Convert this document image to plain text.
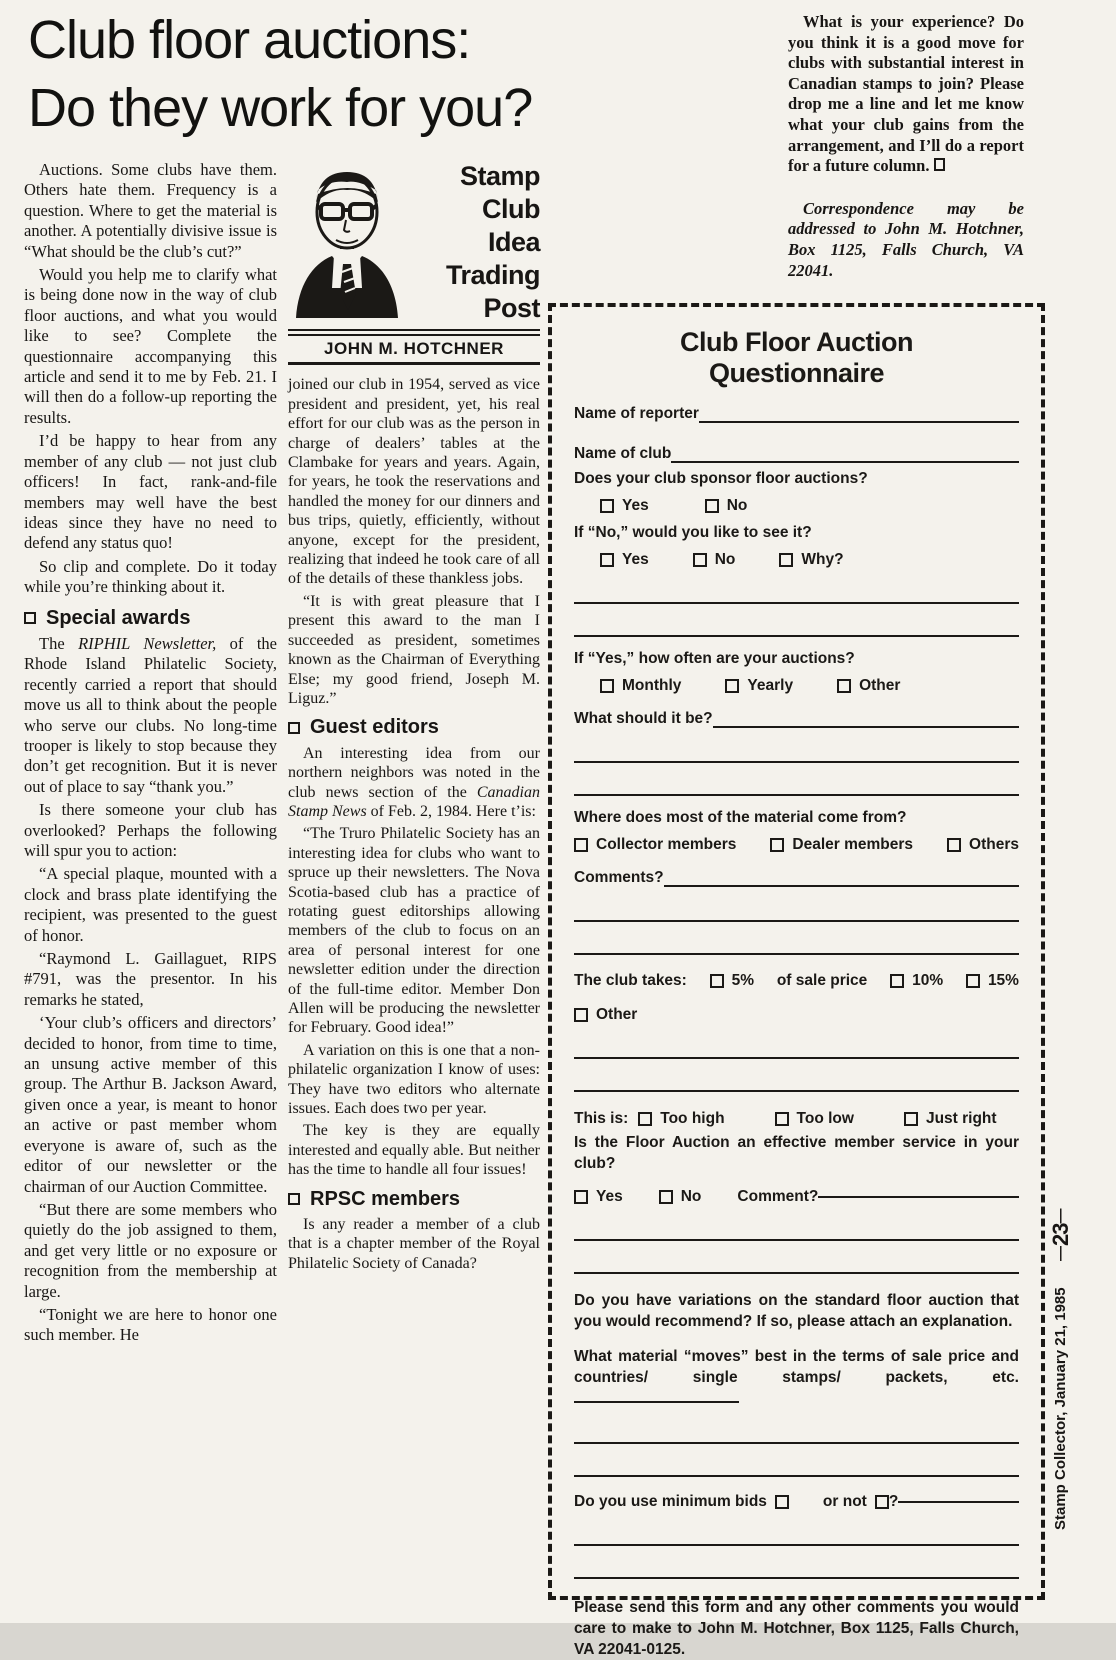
Club floor auctions:
Do they work for you?

What is your experience? Do you think it is a good move for clubs with substantial interest in Canadian stamps to join? Please drop me a line and let me know what your club gains from the arrangement, and I’ll do a report for a future column.

Correspondence may be addressed to John M. Hotchner, Box 1125, Falls Church, VA 22041.

Auctions. Some clubs have them. Others hate them. Frequency is a question. Where to get the material is another. A potentially divisive issue is “What should be the club’s cut?”

Would you help me to clarify what is being done now in the way of club floor auctions, and what you would like to see? Complete the questionnaire accompanying this article and send it to me by Feb. 21. I will then do a follow-up reporting the results.

I’d be happy to hear from any member of any club — not just club officers! In fact, rank-and-file members may well have the best ideas since they have no need to defend any status quo!

So clip and complete. Do it today while you’re thinking about it.

Special awards

The RIPHIL Newsletter, of the Rhode Island Philatelic Society, recently carried a report that should move us all to think about the people who serve our clubs. No long-time trooper is likely to stop because they don’t get recognition. But it is never out of place to say “thank you.”

Is there someone your club has overlooked? Perhaps the following will spur you to action:

“A special plaque, mounted with a clock and brass plate identifying the recipient, was presented to the guest of honor.

“Raymond L. Gaillaguet, RIPS #791, was the presentor. In his remarks he stated,

‘Your club’s officers and directors’ decided to honor, from time to time, an unsung active member of this group. The Arthur B. Jackson Award, given once a year, is meant to honor an active or past member whom everyone is aware of, such as the editor of our newsletter or the chairman of our Auction Committee.

“But there are some members who quietly do the job assigned to them, and get very little or no exposure or recognition from the membership at large.

“Tonight we are here to honor one such member. He

Stamp Club
Idea
Trading
Post
JOHN M. HOTCHNER

joined our club in 1954, served as vice president and president, yet, his real effort for our club was as the person in charge of dealers’ tables at the Clambake for years and years. Again, for years, he took the reservations and handled the money for our dinners and bus trips, quietly, efficiently, without anyone, except for the president, realizing that indeed he took care of all of the details of these thankless jobs.

“It is with great pleasure that I present this award to the man I succeeded as president, sometimes known as the Chairman of Everything Else; my good friend, Joseph M. Liguz.”

Guest editors

An interesting idea from our northern neighbors was noted in the club news section of the Canadian Stamp News of Feb. 2, 1984. Here t’is:

“The Truro Philatelic Society has an interesting idea for clubs who want to spruce up their newsletters. The Nova Scotia-based club has a practice of rotating guest editorships allowing members of the club to focus on an area of personal interest for one newsletter edition under the direction of the full-time editor. Member Don Allen will be producing the newsletter for February. Good idea!”

A variation on this is one that a non-philatelic organization I know of uses: They have two editors who alternate issues. Each does two per year.

The key is they are equally interested and equally able. But neither has the time to handle all four issues!

RPSC members

Is any reader a member of a club that is a chapter member of the Royal Philatelic Society of Canada?

Club Floor Auction
Questionnaire
Name of reporter
Name of club
Does your club sponsor floor auctions?
Yes	No
If “No,” would you like to see it?
Yes	No	Why?
If “Yes,” how often are your auctions?
Monthly	Yearly	Other
What should it be?
Where does most of the material come from?
Collector members	Dealer members	Others
Comments?
The club takes:	5% of sale price	10%	15%
Other
This is: Too high	Too low	Just right
Is the Floor Auction an effective member service in your club?
Yes	No Comment?
Do you have variations on the standard floor auction that you would recommend? If so, please attach an explanation.
What material “moves” best in the terms of sale price and countries/ single stamps/ packets, etc.
Do you use minimum bids	or not ?
Please send this form and any other comments you would care to make to John M. Hotchner, Box 1125, Falls Church, VA 22041-0125.
Stamp Collector, January 21, 1985—23—
